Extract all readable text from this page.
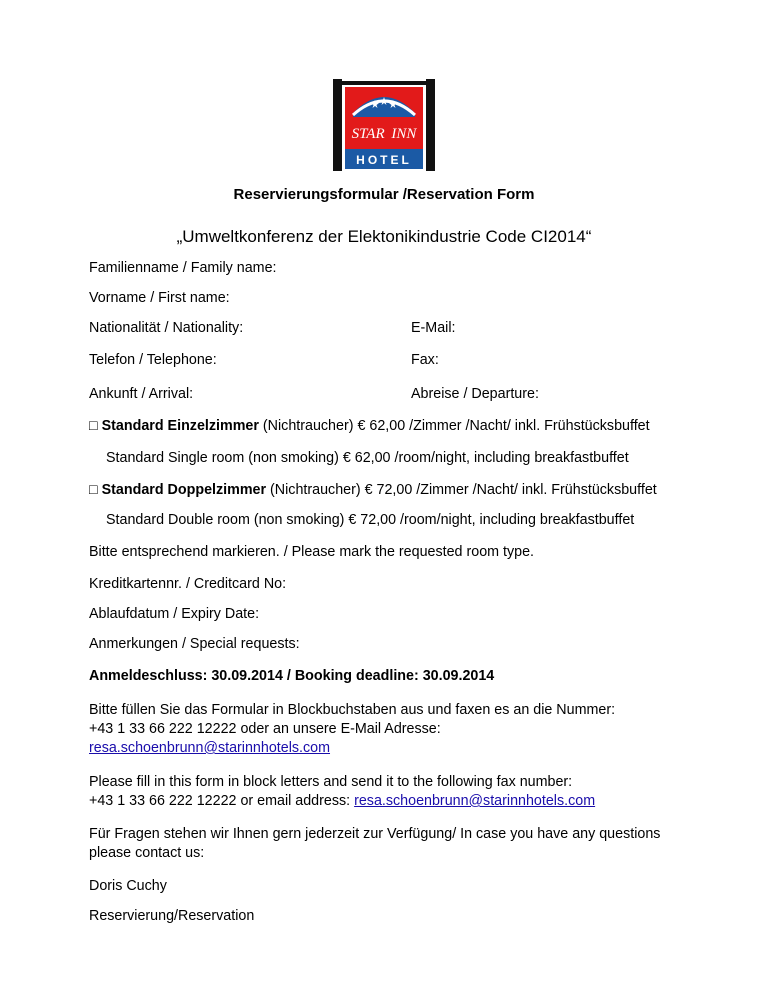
STAR INN
HOTEL
Reservierungsformular /Reservation Form
„Umweltkonferenz der Elektonikindustrie Code CI2014“
Familienname / Family name:
Vorname / First name:
Nationalität / Nationality:	E-Mail:
Telefon / Telephone:	Fax:
Ankunft / Arrival:	Abreise / Departure:
□ Standard Einzelzimmer (Nichtraucher) € 62,00 /Zimmer /Nacht/ inkl. Frühstücksbuffet
Standard Single room (non smoking) € 62,00 /room/night, including breakfastbuffet
□ Standard Doppelzimmer (Nichtraucher) € 72,00 /Zimmer /Nacht/ inkl. Frühstücksbuffet
Standard Double room (non smoking) € 72,00 /room/night, including breakfastbuffet
Bitte entsprechend markieren. / Please mark the requested room type.
Kreditkartennr. / Creditcard No:
Ablaufdatum / Expiry Date:
Anmerkungen / Special requests:
Anmeldeschluss: 30.09.2014 / Booking deadline: 30.09.2014
Bitte füllen Sie das Formular in Blockbuchstaben aus und faxen es an die Nummer:
+43 1 33 66 222 12222 oder an unsere E-Mail Adresse:
resa.schoenbrunn@starinnhotels.com
Please fill in this form in block letters and send it to the following fax number:
+43 1 33 66 222 12222 or email address: resa.schoenbrunn@starinnhotels.com
Für Fragen stehen wir Ihnen gern jederzeit zur Verfügung/ In case you have any questions
please contact us:
Doris Cuchy
Reservierung/Reservation
